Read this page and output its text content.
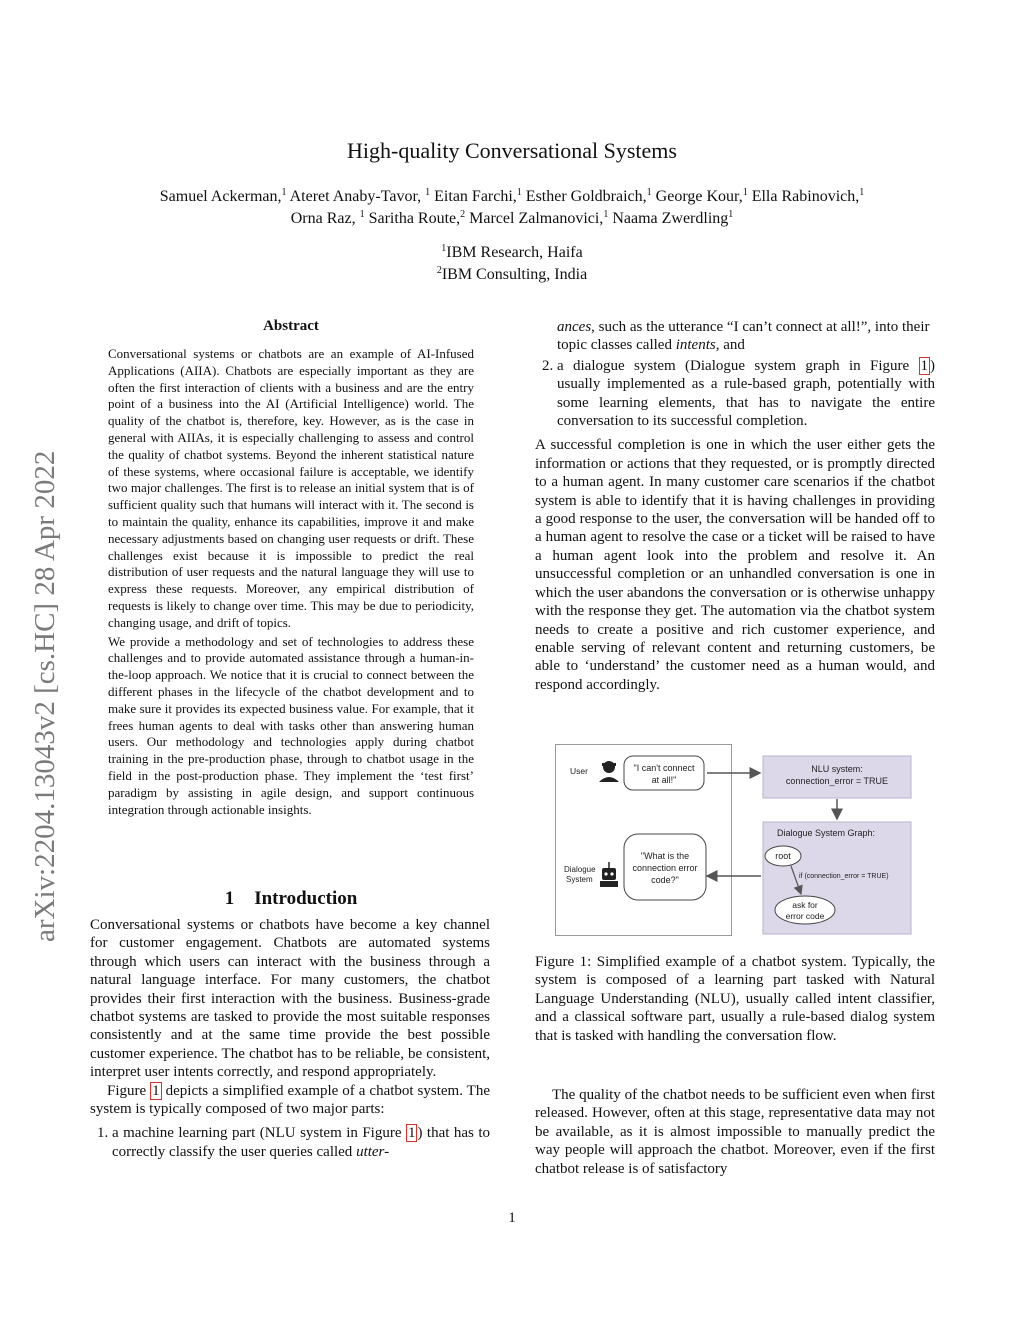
arXiv:2204.13043v2 [cs.HC] 28 Apr 2022
High-quality Conversational Systems
Samuel Ackerman,$^1$ Ateret Anaby-Tavor, $^1$ Eitan Farchi,$^1$ Esther Goldbraich,$^1$ George Kour,$^1$ Ella Rabinovich,$^1$
Orna Raz, $^1$ Saritha Route,$^2$ Marcel Zalmanovici,$^1$ Naama Zwerdling$^1$
$^1$IBM Research, Haifa
$^2$IBM Consulting, India
Abstract

Conversational systems or chatbots are an example of AI-Infused Applications (AIIA). Chatbots are especially important as they are often the first interaction of clients with a business and are the entry point of a business into the AI (Artificial Intelligence) world. The quality of the chatbot is, therefore, key. However, as is the case in general with AIIAs, it is especially challenging to assess and control the quality of chatbot systems. Beyond the inherent statistical nature of these systems, where occasional failure is acceptable, we identify two major challenges. The first is to release an initial system that is of sufficient quality such that humans will interact with it. The second is to maintain the quality, enhance its capabilities, improve it and make necessary adjustments based on changing user requests or drift. These challenges exist because it is impossible to predict the real distribution of user requests and the natural language they will use to express these requests. Moreover, any empirical distribution of requests is likely to change over time. This may be due to periodicity, changing usage, and drift of topics.

We provide a methodology and set of technologies to address these challenges and to provide automated assistance through a human-in-the-loop approach. We notice that it is crucial to connect between the different phases in the lifecycle of the chatbot development and to make sure it provides its expected business value. For example, that it frees human agents to deal with tasks other than answering human users. Our methodology and technologies apply during chatbot training in the pre-production phase, through to chatbot usage in the field in the post-production phase. They implement the ‘test first’ paradigm by assisting in agile design, and support continuous integration through actionable insights.

1 Introduction

Conversational systems or chatbots have become a key channel for customer engagement. Chatbots are automated systems through which users can interact with the business through a natural language interface. For many customers, the chatbot provides their first interaction with the business. Business-grade chatbot systems are tasked to provide the most suitable responses consistently and at the same time provide the best possible customer experience. The chatbot has to be reliable, be consistent, interpret user intents correctly, and respond appropriately.

Figure 1 depicts a simplified example of a chatbot system. The system is typically composed of two major parts:

1. a machine learning part (NLU system in Figure 1 ) that has to correctly classify the user queries called utter-

ances, such as the utterance “I can’t connect at all!”, into their topic classes called intents, and

2. a dialogue system (Dialogue system graph in Figure 1 ) usually implemented as a rule-based graph, potentially with some learning elements, that has to navigate the entire conversation to its successful completion.

A successful completion is one in which the user either gets the information or actions that they requested, or is promptly directed to a human agent. In many customer care scenarios if the chatbot system is able to identify that it is having challenges in providing a good response to the user, the conversation will be handed off to a human agent to resolve the case or a ticket will be raised to have a human agent look into the problem and resolve it. An unsuccessful completion or an unhandled conversation is one in which the user abandons the conversation or is otherwise unhappy with the response they get. The automation via the chatbot system needs to create a positive and rich customer experience, and enable serving of relevant content and returning customers, be able to ‘understand’ the customer need as a human would, and respond accordingly.

User	"I can't connect
at all!"
NLU system:
connection_error = TRUE
Dialogue System Graph:
root
if (connection_error = TRUE)
ask for
error code
Dialogue
System
"What is the
connection error
code?"
Figure 1: Simplified example of a chatbot system. Typically, the system is composed of a learning part tasked with Natural Language Understanding (NLU), usually called intent classifier, and a classical software part, usually a rule-based dialog system that is tasked with handling the conversation flow.

The quality of the chatbot needs to be sufficient even when first released. However, often at this stage, representative data may not be available, as it is almost impossible to manually predict the way people will approach the chatbot. Moreover, even if the first chatbot release is of satisfactory

1
